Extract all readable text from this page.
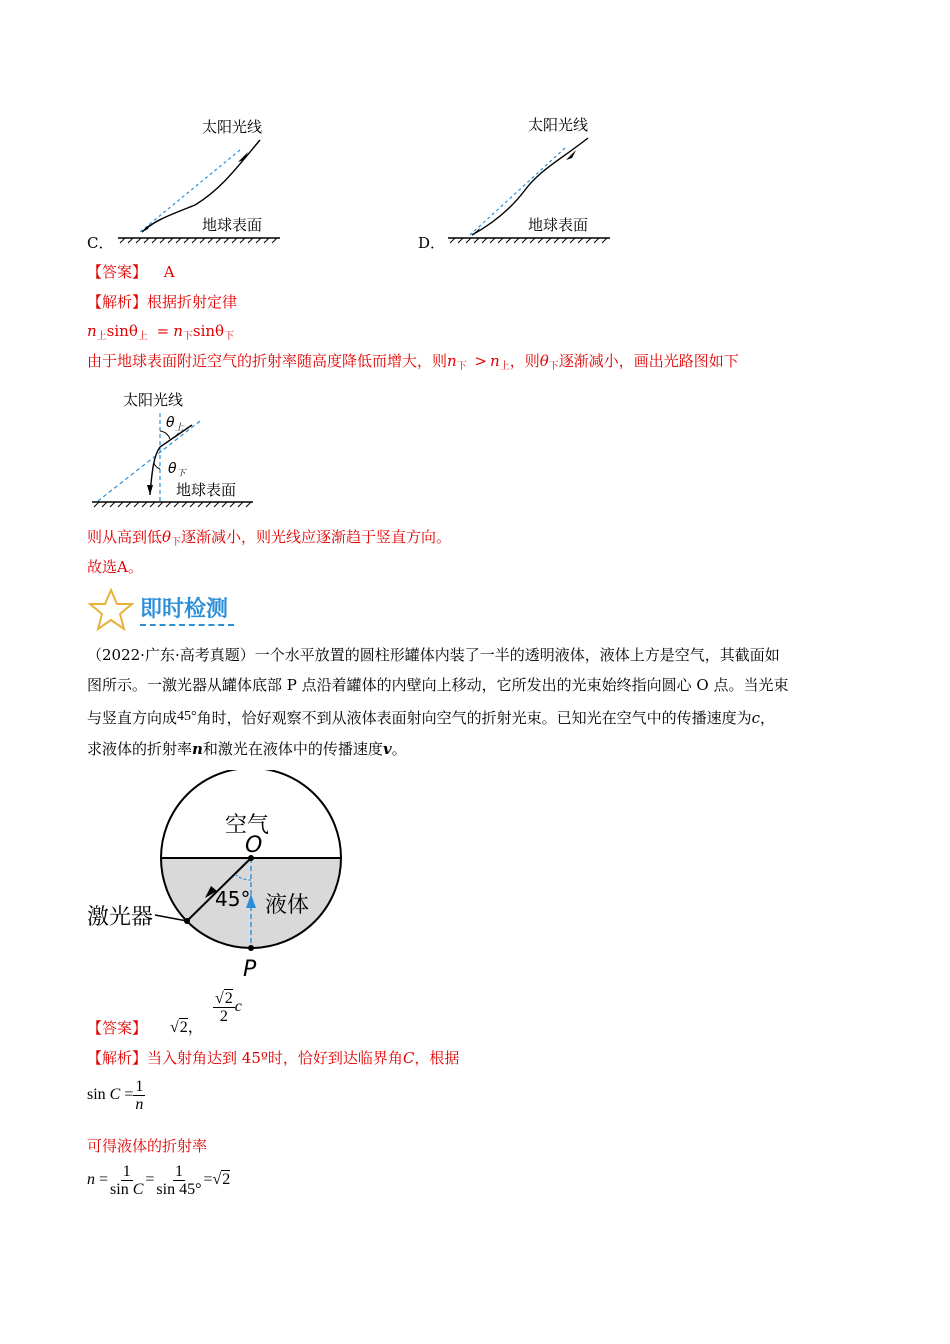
C．
太阳光线
地球表面
D．
太阳光线
地球表面
【答案】 A
【解析】根据折射定律
$n_上\sin\theta_上 = n_下\sin\theta_下$
由于地球表面附近空气的折射率随高度降低而增大，则$n_下 > n_上$，则$\theta_下$逐渐减小，画出光路图如下
太阳光线
$\theta_上$
$\theta_下$
地球表面
则从高到低$\theta_下$逐渐减小，则光线应逐渐趋于竖直方向。
故选A。
即时检测
（2022·广东·高考真题）一个水平放置的圆柱形罐体内装了一半的透明液体，液体上方是空气，其截面如
图所示。一激光器从罐体底部 P 点沿着罐体的内壁向上移动，它所发出的光束始终指向圆心 O 点。当光束
与竖直方向成45°角时，恰好观察不到从液体表面射向空气的折射光束。已知光在空气中的传播速度为c，
求液体的折射率n和激光在液体中的传播速度v。
空气
O
45° 液体
激光器
P
【答案】 √2，
$\frac{√2}{2}$ c
【解析】当入射角达到 45º时，恰好到达临界角C，根据
$\sin C = \frac{1}{n}$
可得液体的折射率
$n = \frac{1}{\text{sin C}} = \frac{1}{\sin 45^\circ} =√2$
